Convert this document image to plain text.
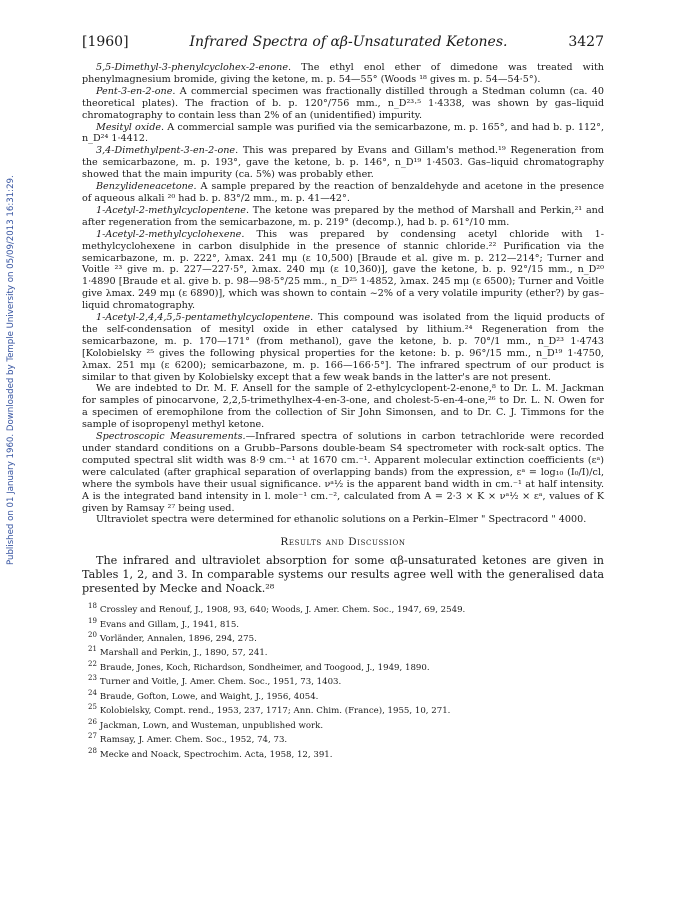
Published on 01 January 1960. Downloaded by Temple University on 05/09/2013 16:31:29.
[1960]	Infrared Spectra of αβ-Unsaturated Ketones.	3427

5,5-Dimethyl-3-phenylcyclohex-2-enone. The ethyl enol ether of dimedone was treated with phenylmagnesium bromide, giving the ketone, m. p. 54—55° (Woods ¹⁸ gives m. p. 54—54·5°).

Pent-3-en-2-one. A commercial specimen was fractionally distilled through a Stedman column (ca. 40 theoretical plates). The fraction of b. p. 120°/756 mm., n_D²³·⁵ 1·4338, was shown by gas–liquid chromatography to contain less than 2% of an (unidentified) impurity.

Mesityl oxide. A commercial sample was purified via the semicarbazone, m. p. 165°, and had b. p. 112°, n_D²⁴ 1·4412.

3,4-Dimethylpent-3-en-2-one. This was prepared by Evans and Gillam's method.¹⁹ Regeneration from the semicarbazone, m. p. 193°, gave the ketone, b. p. 146°, n_D¹⁹ 1·4503. Gas–liquid chromatography showed that the main impurity (ca. 5%) was probably ether.

Benzylideneacetone. A sample prepared by the reaction of benzaldehyde and acetone in the presence of aqueous alkali ²⁰ had b. p. 83°/2 mm., m. p. 41—42°.

1-Acetyl-2-methylcyclopentene. The ketone was prepared by the method of Marshall and Perkin,²¹ and after regeneration from the semicarbazone, m. p. 219° (decomp.), had b. p. 61°/10 mm.

1-Acetyl-2-methylcyclohexene. This was prepared by condensing acetyl chloride with 1-methylcyclohexene in carbon disulphide in the presence of stannic chloride.²² Purification via the semicarbazone, m. p. 222°, λmax. 241 mμ (ε 10,500) [Braude et al. give m. p. 212—214°; Turner and Voitle ²³ give m. p. 227—227·5°, λmax. 240 mμ (ε 10,360)], gave the ketone, b. p. 92°/15 mm., n_D²⁰ 1·4890 [Braude et al. give b. p. 98—98·5°/25 mm., n_D²⁵ 1·4852, λmax. 245 mμ (ε 6500); Turner and Voitle give λmax. 249 mμ (ε 6890)], which was shown to contain ~2% of a very volatile impurity (ether?) by gas–liquid chromatography.

1-Acetyl-2,4,4,5,5-pentamethylcyclopentene. This compound was isolated from the liquid products of the self-condensation of mesityl oxide in ether catalysed by lithium.²⁴ Regeneration from the semicarbazone, m. p. 170—171° (from methanol), gave the ketone, b. p. 70°/1 mm., n_D²³ 1·4743 [Kolobielsky ²⁵ gives the following physical properties for the ketone: b. p. 96°/15 mm., n_D¹⁹ 1·4750, λmax. 251 mμ (ε 6200); semicarbazone, m. p. 166—166·5°]. The infrared spectrum of our product is similar to that given by Kolobielsky except that a few weak bands in the latter's are not present.

We are indebted to Dr. M. F. Ansell for the sample of 2-ethylcyclopent-2-enone,⁸ to Dr. L. M. Jackman for samples of pinocarvone, 2,2,5-trimethylhex-4-en-3-one, and cholest-5-en-4-one,²⁶ to Dr. L. N. Owen for a specimen of eremophilone from the collection of Sir John Simonsen, and to Dr. C. J. Timmons for the sample of isopropenyl methyl ketone.

Spectroscopic Measurements.—Infrared spectra of solutions in carbon tetrachloride were recorded under standard conditions on a Grubb–Parsons double-beam S4 spectrometer with rock-salt optics. The computed spectral slit width was 8·9 cm.⁻¹ at 1670 cm.⁻¹. Apparent molecular extinction coefficients (εᵃ) were calculated (after graphical separation of overlapping bands) from the expression, εᵃ = log₁₀ (I₀/I)/cl, where the symbols have their usual significance. νᵃ½ is the apparent band width in cm.⁻¹ at half intensity. A is the integrated band intensity in l. mole⁻¹ cm.⁻², calculated from A = 2·3 × K × νᵃ½ × εᵃ, values of K given by Ramsay ²⁷ being used.

Ultraviolet spectra were determined for ethanolic solutions on a Perkin–Elmer " Spectracord " 4000.

Results and Discussion

The infrared and ultraviolet absorption for some αβ-unsaturated ketones are given in Tables 1, 2, and 3. In comparable systems our results agree well with the generalised data presented by Mecke and Noack.²⁸

$^{18}$ Crossley and Renouf, J., 1908, 93, 640; Woods, J. Amer. Chem. Soc., 1947, 69, 2549.

$^{19}$ Evans and Gillam, J., 1941, 815.

$^{20}$ Vorländer, Annalen, 1896, 294, 275.

$^{21}$ Marshall and Perkin, J., 1890, 57, 241.

$^{22}$ Braude, Jones, Koch, Richardson, Sondheimer, and Toogood, J., 1949, 1890.

$^{23}$ Turner and Voitle, J. Amer. Chem. Soc., 1951, 73, 1403.

$^{24}$ Braude, Gofton, Lowe, and Waight, J., 1956, 4054.

$^{25}$ Kolobielsky, Compt. rend., 1953, 237, 1717; Ann. Chim. (France), 1955, 10, 271.

$^{26}$ Jackman, Lown, and Wusteman, unpublished work.

$^{27}$ Ramsay, J. Amer. Chem. Soc., 1952, 74, 73.

$^{28}$ Mecke and Noack, Spectrochim. Acta, 1958, 12, 391.
